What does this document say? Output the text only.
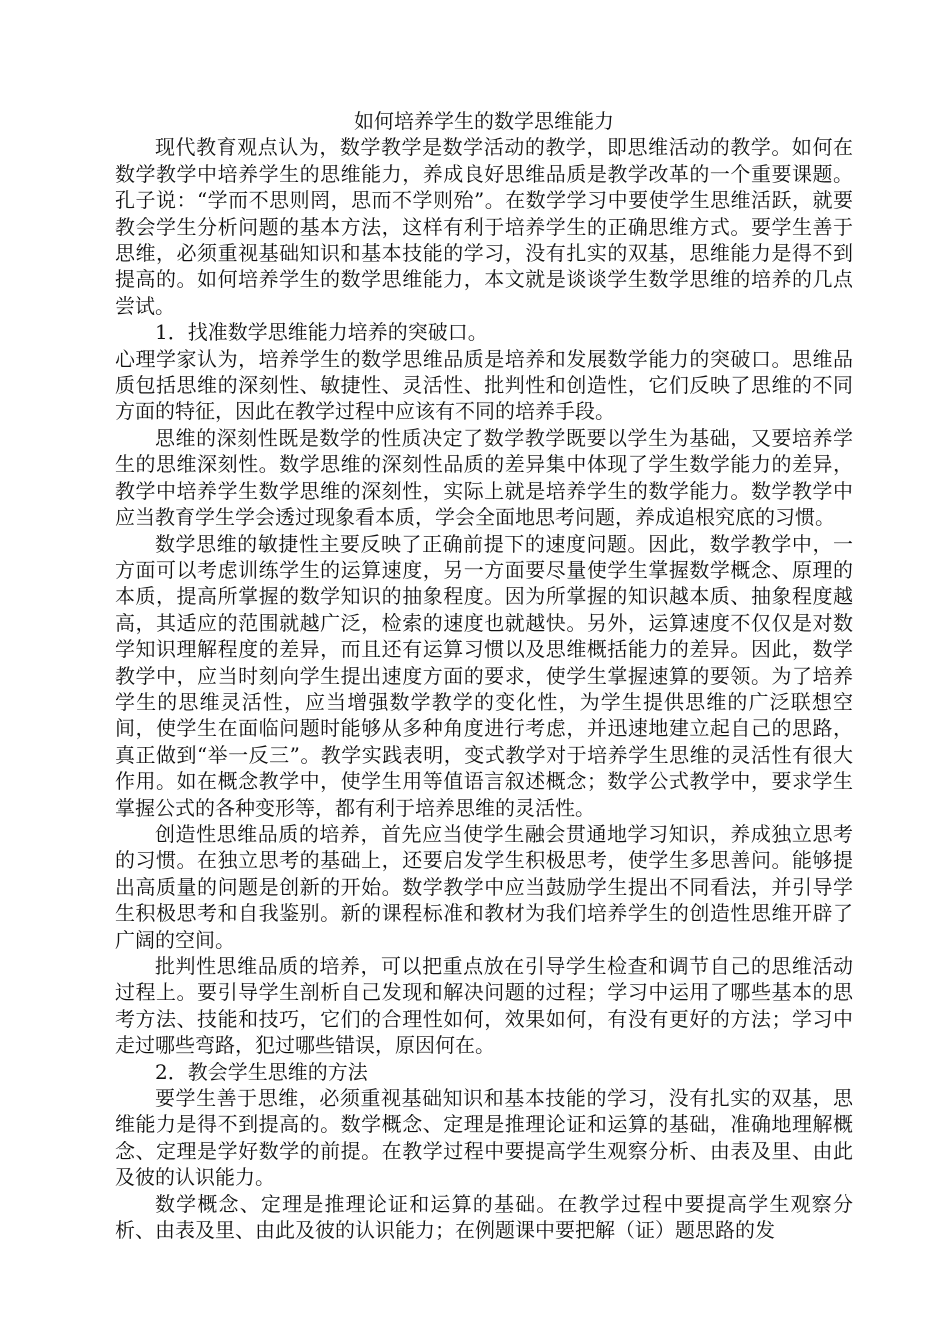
如何培养学生的数学思维能力

现代教育观点认为，数学教学是数学活动的教学，即思维活动的教学。如何在数学教学中培养学生的思维能力，养成良好思维品质是教学改革的一个重要课题。孔子说：“学而不思则罔，思而不学则殆”。在数学学习中要使学生思维活跃，就要教会学生分析问题的基本方法，这样有利于培养学生的正确思维方式。要学生善于思维，必须重视基础知识和基本技能的学习，没有扎实的双基，思维能力是得不到提高的。如何培养学生的数学思维能力，本文就是谈谈学生数学思维的培养的几点尝试。

1．找准数学思维能力培养的突破口。

心理学家认为，培养学生的数学思维品质是培养和发展数学能力的突破口。思维品质包括思维的深刻性、敏捷性、灵活性、批判性和创造性，它们反映了思维的不同方面的特征，因此在教学过程中应该有不同的培养手段。

思维的深刻性既是数学的性质决定了数学教学既要以学生为基础，又要培养学生的思维深刻性。数学思维的深刻性品质的差异集中体现了学生数学能力的差异，教学中培养学生数学思维的深刻性，实际上就是培养学生的数学能力。数学教学中应当教育学生学会透过现象看本质，学会全面地思考问题，养成追根究底的习惯。

数学思维的敏捷性主要反映了正确前提下的速度问题。因此，数学教学中，一方面可以考虑训练学生的运算速度，另一方面要尽量使学生掌握数学概念、原理的本质，提高所掌握的数学知识的抽象程度。因为所掌握的知识越本质、抽象程度越高，其适应的范围就越广泛，检索的速度也就越快。另外，运算速度不仅仅是对数学知识理解程度的差异，而且还有运算习惯以及思维概括能力的差异。因此，数学教学中，应当时刻向学生提出速度方面的要求，使学生掌握速算的要领。为了培养学生的思维灵活性，应当增强数学教学的变化性，为学生提供思维的广泛联想空间，使学生在面临问题时能够从多种角度进行考虑，并迅速地建立起自己的思路，真正做到“举一反三”。教学实践表明，变式教学对于培养学生思维的灵活性有很大作用。如在概念教学中，使学生用等值语言叙述概念；数学公式教学中，要求学生掌握公式的各种变形等，都有利于培养思维的灵活性。

创造性思维品质的培养，首先应当使学生融会贯通地学习知识，养成独立思考的习惯。在独立思考的基础上，还要启发学生积极思考，使学生多思善问。能够提出高质量的问题是创新的开始。数学教学中应当鼓励学生提出不同看法，并引导学生积极思考和自我鉴别。新的课程标准和教材为我们培养学生的创造性思维开辟了广阔的空间。

批判性思维品质的培养，可以把重点放在引导学生检查和调节自己的思维活动过程上。要引导学生剖析自己发现和解决问题的过程；学习中运用了哪些基本的思考方法、技能和技巧，它们的合理性如何，效果如何，有没有更好的方法；学习中走过哪些弯路，犯过哪些错误，原因何在。

2．教会学生思维的方法

要学生善于思维，必须重视基础知识和基本技能的学习，没有扎实的双基，思维能力是得不到提高的。数学概念、定理是推理论证和运算的基础，准确地理解概念、定理是学好数学的前提。在教学过程中要提高学生观察分析、由表及里、由此及彼的认识能力。

数学概念、定理是推理论证和运算的基础。在教学过程中要提高学生观察分析、由表及里、由此及彼的认识能力；在例题课中要把解（证）题思路的发
